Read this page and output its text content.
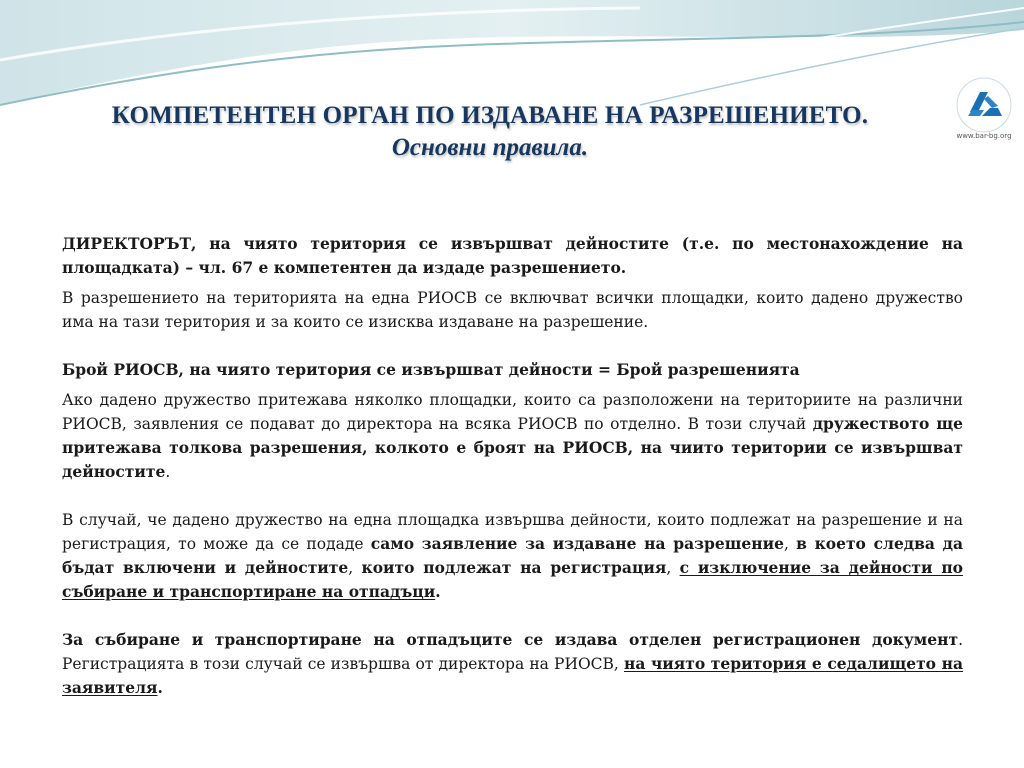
www.bar-bg.org
КОМПЕТЕНТЕН ОРГАН ПО ИЗДАВАНЕ НА РАЗРЕШЕНИЕТО.
Основни правила.

ДИРЕКТОРЪТ, на чиято територия се извършват дейностите (т.е. по местонахождение на площадката) – чл. 67 е компетентен да издаде разрешението.

В разрешението на територията на една РИОСВ се включват всички площадки, които дадено дружество има на тази територия и за които се изисква издаване на разрешение.

Брой РИОСВ, на чиято територия се извършват дейности = Брой разрешенията

Ако дадено дружество притежава няколко площадки, които са разположени на териториите на различни РИОСВ, заявления се подават до директора на всяка РИОСВ по отделно. В този случай дружеството ще притежава толкова разрешения, колкото е броят на РИОСВ, на чиито територии се извършват дейностите.

В случай, че дадено дружество на една площадка извършва дейности, които подлежат на разрешение и на регистрация, то може да се подаде само заявление за издаване на разрешение, в което следва да бъдат включени и дейностите, които подлежат на регистрация, с изключение за дейности по събиране и транспортиране на отпадъци.

За събиране и транспортиране на отпадъците се издава отделен регистрационен документ. Регистрацията в този случай се извършва от директора на РИОСВ, на чиято територия е седалището на заявителя.
